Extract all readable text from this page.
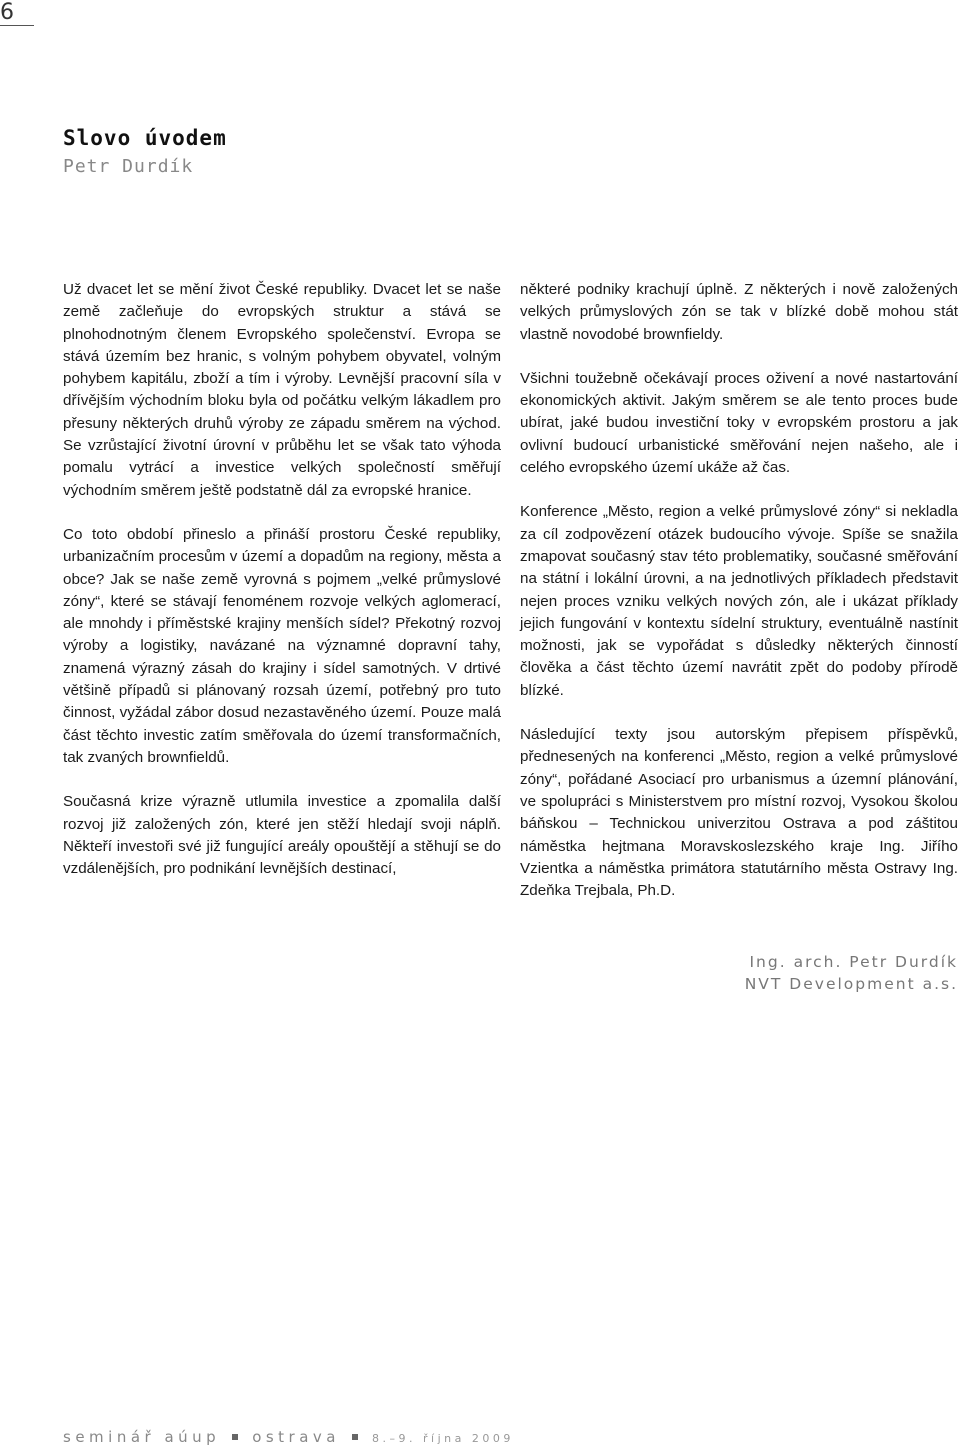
6
Slovo úvodem
Petr Durdík

Už dvacet let se mění život České republiky. Dvacet let se naše země začleňuje do evropských struktur a stává se plnohodnotným členem Evropského společenství. Evropa se stává územím bez hranic, s volným pohybem obyvatel, volným pohybem kapitálu, zboží a tím i výroby. Levnější pracovní síla v dřívějším východním bloku byla od počátku velkým lákadlem pro přesuny některých druhů výroby ze západu směrem na východ. Se vzrůstající životní úrovní v průběhu let se však tato výhoda pomalu vytrácí a investice velkých společností směřují východním směrem ještě podstatně dál za evropské hranice.

Co toto období přineslo a přináší prostoru České republiky, urbanizačním procesům v území a dopadům na regiony, města a obce? Jak se naše země vyrovná s pojmem „velké průmyslové zóny“, které se stávají fenoménem rozvoje velkých aglomerací, ale mnohdy i příměstské krajiny menších sídel? Překotný rozvoj výroby a logistiky, navázané na významné dopravní tahy, znamená výrazný zásah do krajiny i sídel samotných. V drtivé většině případů si plánovaný rozsah území, potřebný pro tuto činnost, vyžádal zábor dosud nezastavěného území. Pouze malá část těchto investic zatím směřovala do území transformačních, tak zvaných brownfieldů.

Současná krize výrazně utlumila investice a zpomalila další rozvoj již založených zón, které jen stěží hledají svoji náplň. Někteří investoři své již fungující areály opouštějí a stěhují se do vzdálenějších, pro podnikání levnějších destinací,

některé podniky krachují úplně. Z některých i nově založených velkých průmyslových zón se tak v blízké době mohou stát vlastně novodobé brownfieldy.

Všichni toužebně očekávají proces oživení a nové nastartování ekonomických aktivit. Jakým směrem se ale tento proces bude ubírat, jaké budou investiční toky v evropském prostoru a jak ovlivní budoucí urbanistické směřování nejen našeho, ale i celého evropského území ukáže až čas.

Konference „Město, region a velké průmyslové zóny“ si nekladla za cíl zodpovězení otázek budoucího vývoje. Spíše se snažila zmapovat současný stav této problematiky, současné směřování na státní i lokální úrovni, a na jednotlivých příkladech představit nejen proces vzniku velkých nových zón, ale i ukázat příklady jejich fungování v kontextu sídelní struktury, eventuálně nastínit možnosti, jak se vypořádat s důsledky některých činností člověka a část těchto území navrátit zpět do podoby přírodě blízké.

Následující texty jsou autorským přepisem příspěvků, přednesených na konferenci „Město, region a velké průmyslové zóny“, pořádané Asociací pro urbanismus a územní plánování, ve spolupráci s Ministerstvem pro místní rozvoj, Vysokou školou báňskou – Technickou univerzitou Ostrava a pod záštitou náměstka hejtmana Moravskoslezského kraje Ing. Jiřího Vzientka a náměstka primátora statutárního města Ostravy Ing. Zdeňka Trejbala, Ph.D.

Ing. arch. Petr Durdík
NVT Development a.s.
seminář aúup ostrava	8.–9. října 2009
